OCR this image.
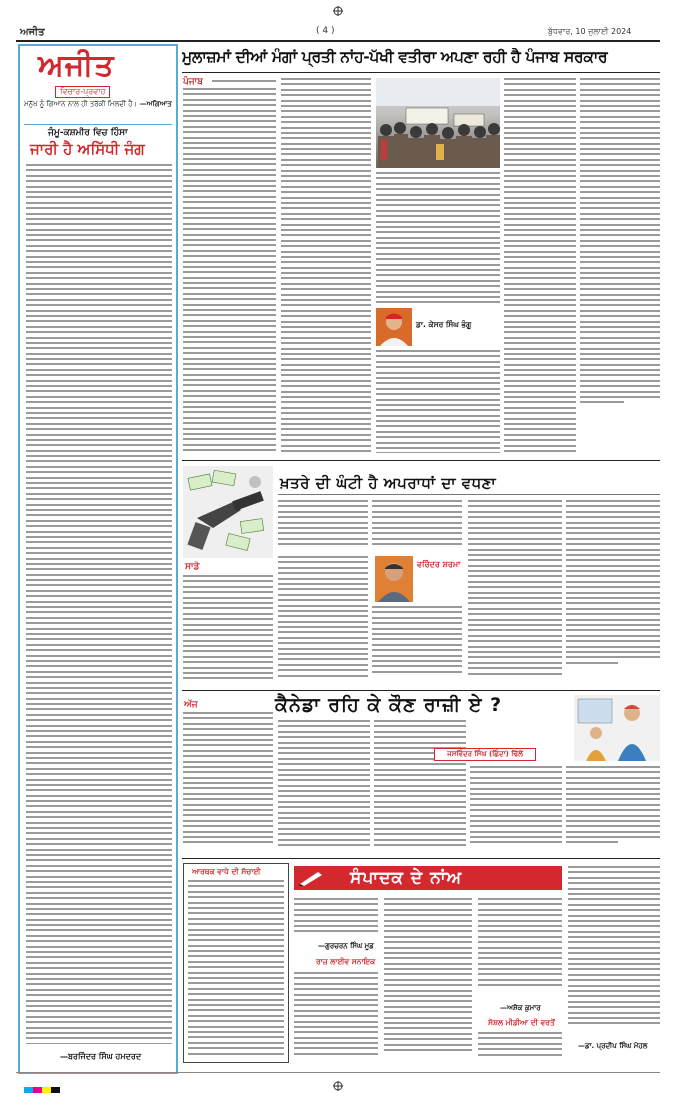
ਅਜੀਤ	( 4 )	ਬੁੱਧਵਾਰ, 10 ਜੁਲਾਈ 2024
ਅਜੀਤ
ਵਿਚਾਰ-ਪ੍ਰਵਾਹ
ਮਨੁੱਖ ਨੂੰ ਗਿਆਨ ਨਾਲ ਹੀ ਤਰੱਕੀ ਮਿਲਦੀ ਹੈ। —ਅਗਿਆਤ
ਜੰਮੂ-ਕਸ਼ਮੀਰ ਵਿਚ ਹਿੰਸਾ
ਜਾਰੀ ਹੈ ਅਸਿੱਧੀ ਜੰਗ
—ਬਰਜਿੰਦਰ ਸਿੰਘ ਹਮਦਰਦ
ਮੁਲਾਜ਼ਮਾਂ ਦੀਆਂ ਮੰਗਾਂ ਪ੍ਰਤੀ ਨਾਂਹ-ਪੱਖੀ ਵਤੀਰਾ ਅਪਣਾ ਰਹੀ ਹੈ ਪੰਜਾਬ ਸਰਕਾਰ
ਪੰਜਾਬ
ਡਾ. ਕੇਸਰ ਸਿੰਘ ਭੰਗੂ
ਖ਼ਤਰੇ ਦੀ ਘੰਟੀ ਹੈ ਅਪਰਾਧਾਂ ਦਾ ਵਧਣਾ
ਸਾਡੇ	ਵਰਿੰਦਰ ਸ਼ਰਮਾ
ਕੈਨੇਡਾ ਰਹਿ ਕੇ ਕੌਣ ਰਾਜ਼ੀ ਏ ?
ਅੱਜ
ਜਸਵਿੰਦਰ ਸਿੰਘ (ਛਿੰਦਾ) ਢਿੱਲੋਂ
ਆਰਥਕ ਵਾਧੇ ਦੀ ਸੱਚਾਈ	ਸੰਪਾਦਕ ਦੇ ਨਾਂਅ
—ਗੁਰਚਰਨ ਸਿੰਘ ਮੂਡ
ਰਾਜ਼ ਲਾਈਵ ਸਨਾਇਕ
—ਅਸ਼ੋਕ ਕੁਮਾਰ
ਸੋਸ਼ਲ ਮੀਡੀਆ ਦੀ ਵਰਤੋਂ
—ਡਾ. ਪ੍ਰਦੀਪ ਸਿੰਘ ਮੋਹਲ
